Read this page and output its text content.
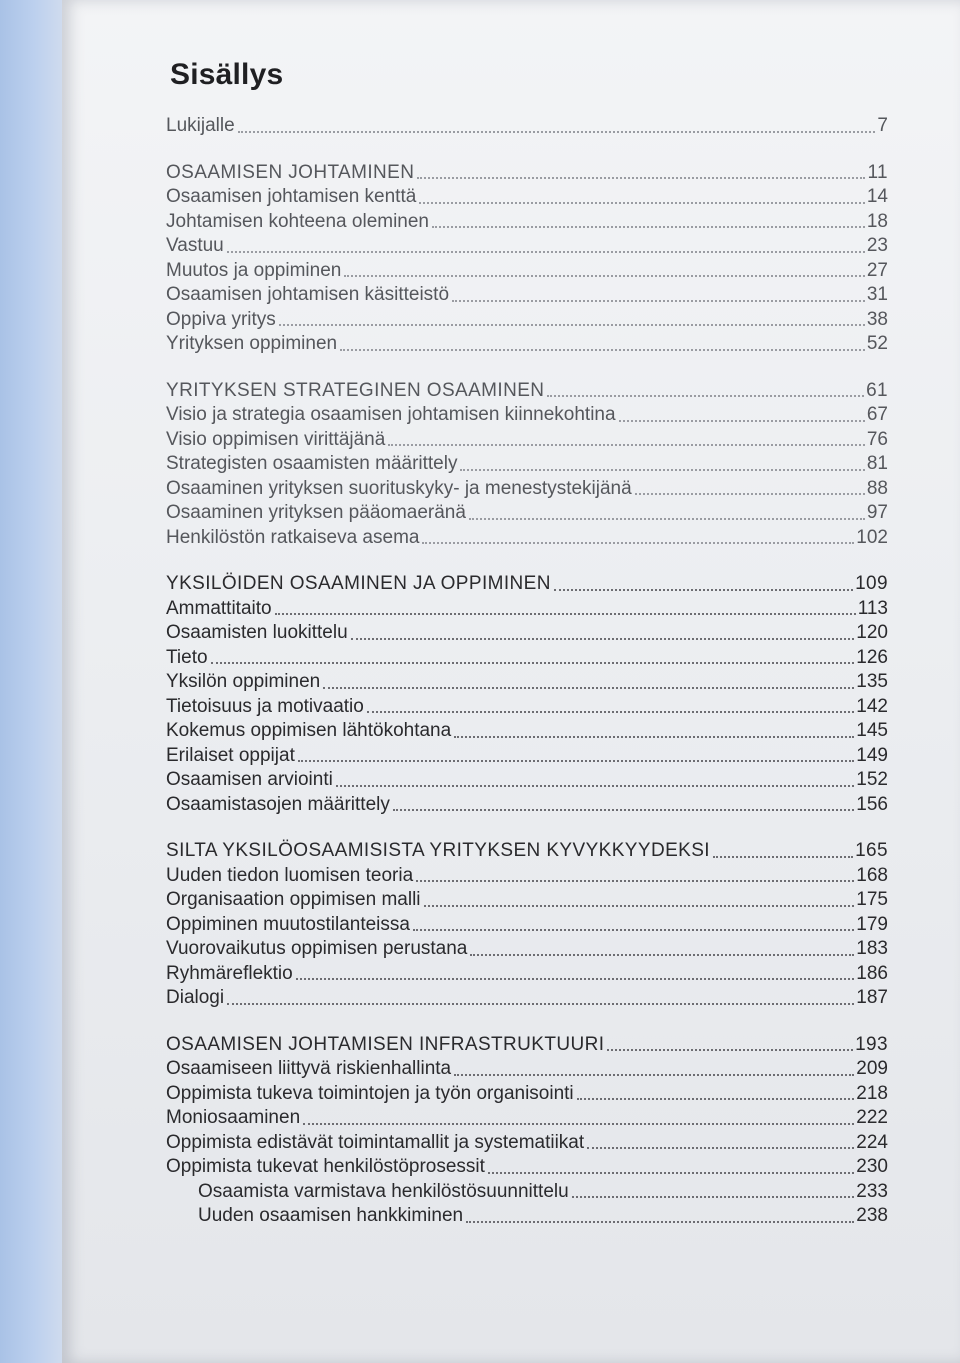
Sisällys
Lukijalle	7
OSAAMISEN JOHTAMINEN	11
Osaamisen johtamisen kenttä	14
Johtamisen kohteena oleminen	18
Vastuu	23
Muutos ja oppiminen	27
Osaamisen johtamisen käsitteistö	31
Oppiva yritys	38
Yrityksen oppiminen	52
YRITYKSEN STRATEGINEN OSAAMINEN	61
Visio ja strategia osaamisen johtamisen kiinnekohtina	67
Visio oppimisen virittäjänä	76
Strategisten osaamisten määrittely	81
Osaaminen yrityksen suorituskyky- ja menestystekijänä	88
Osaaminen yrityksen pääomaeränä	97
Henkilöstön ratkaiseva asema	102
YKSILÖIDEN OSAAMINEN JA OPPIMINEN	109
Ammattitaito	113
Osaamisten luokittelu	120
Tieto	126
Yksilön oppiminen	135
Tietoisuus ja motivaatio	142
Kokemus oppimisen lähtökohtana	145
Erilaiset oppijat	149
Osaamisen arviointi	152
Osaamistasojen määrittely	156
SILTA YKSILÖOSAAMISISTA YRITYKSEN KYVYKKYYDEKSI	165
Uuden tiedon luomisen teoria	168
Organisaation oppimisen malli	175
Oppiminen muutostilanteissa	179
Vuorovaikutus oppimisen perustana	183
Ryhmäreflektio	186
Dialogi	187
OSAAMISEN JOHTAMISEN INFRASTRUKTUURI	193
Osaamiseen liittyvä riskienhallinta	209
Oppimista tukeva toimintojen ja työn organisointi	218
Moniosaaminen	222
Oppimista edistävät toimintamallit ja systematiikat	224
Oppimista tukevat henkilöstöprosessit	230
Osaamista varmistava henkilöstösuunnittelu	233
Uuden osaamisen hankkiminen	238
